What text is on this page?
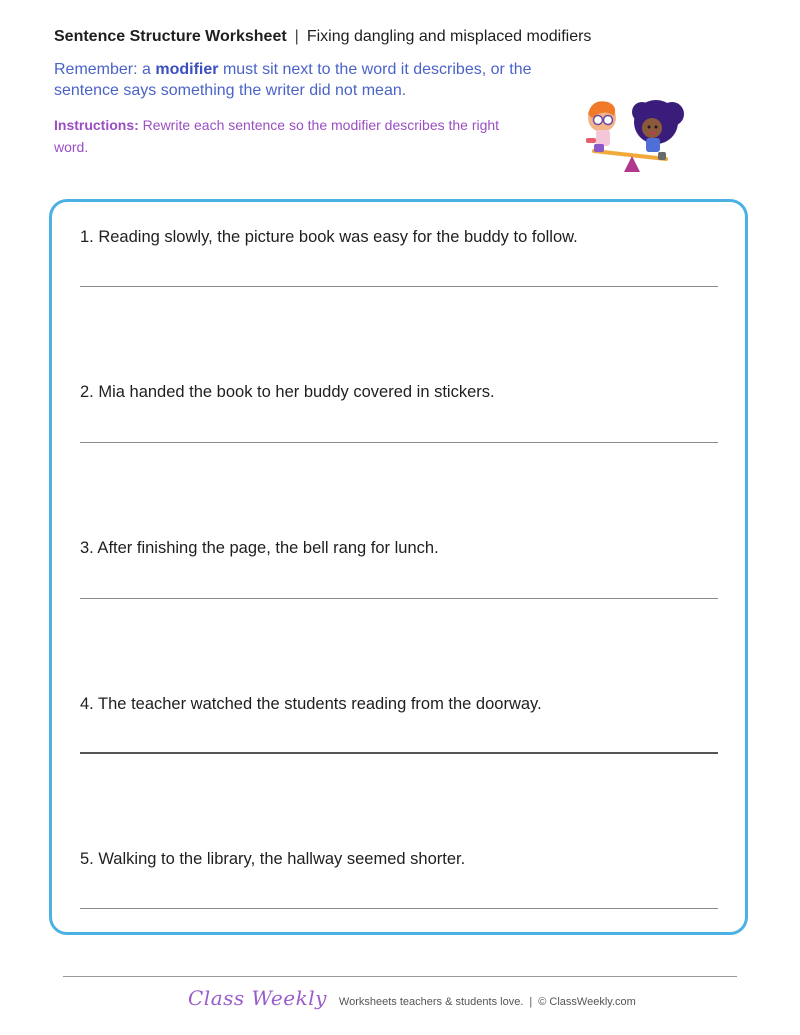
Sentence Structure Worksheet | Fixing dangling and misplaced modifiers
Remember: a modifier must sit next to the word it describes, or the sentence says something the writer did not mean.
Instructions: Rewrite each sentence so the modifier describes the right word.
1. Reading slowly, the picture book was easy for the buddy to follow.
2. Mia handed the book to her buddy covered in stickers.
3. After finishing the page, the bell rang for lunch.
4. The teacher watched the students reading from the doorway.
5. Walking to the library, the hallway seemed shorter.
Class Weekly Worksheets teachers & students love. | © ClassWeekly.com
